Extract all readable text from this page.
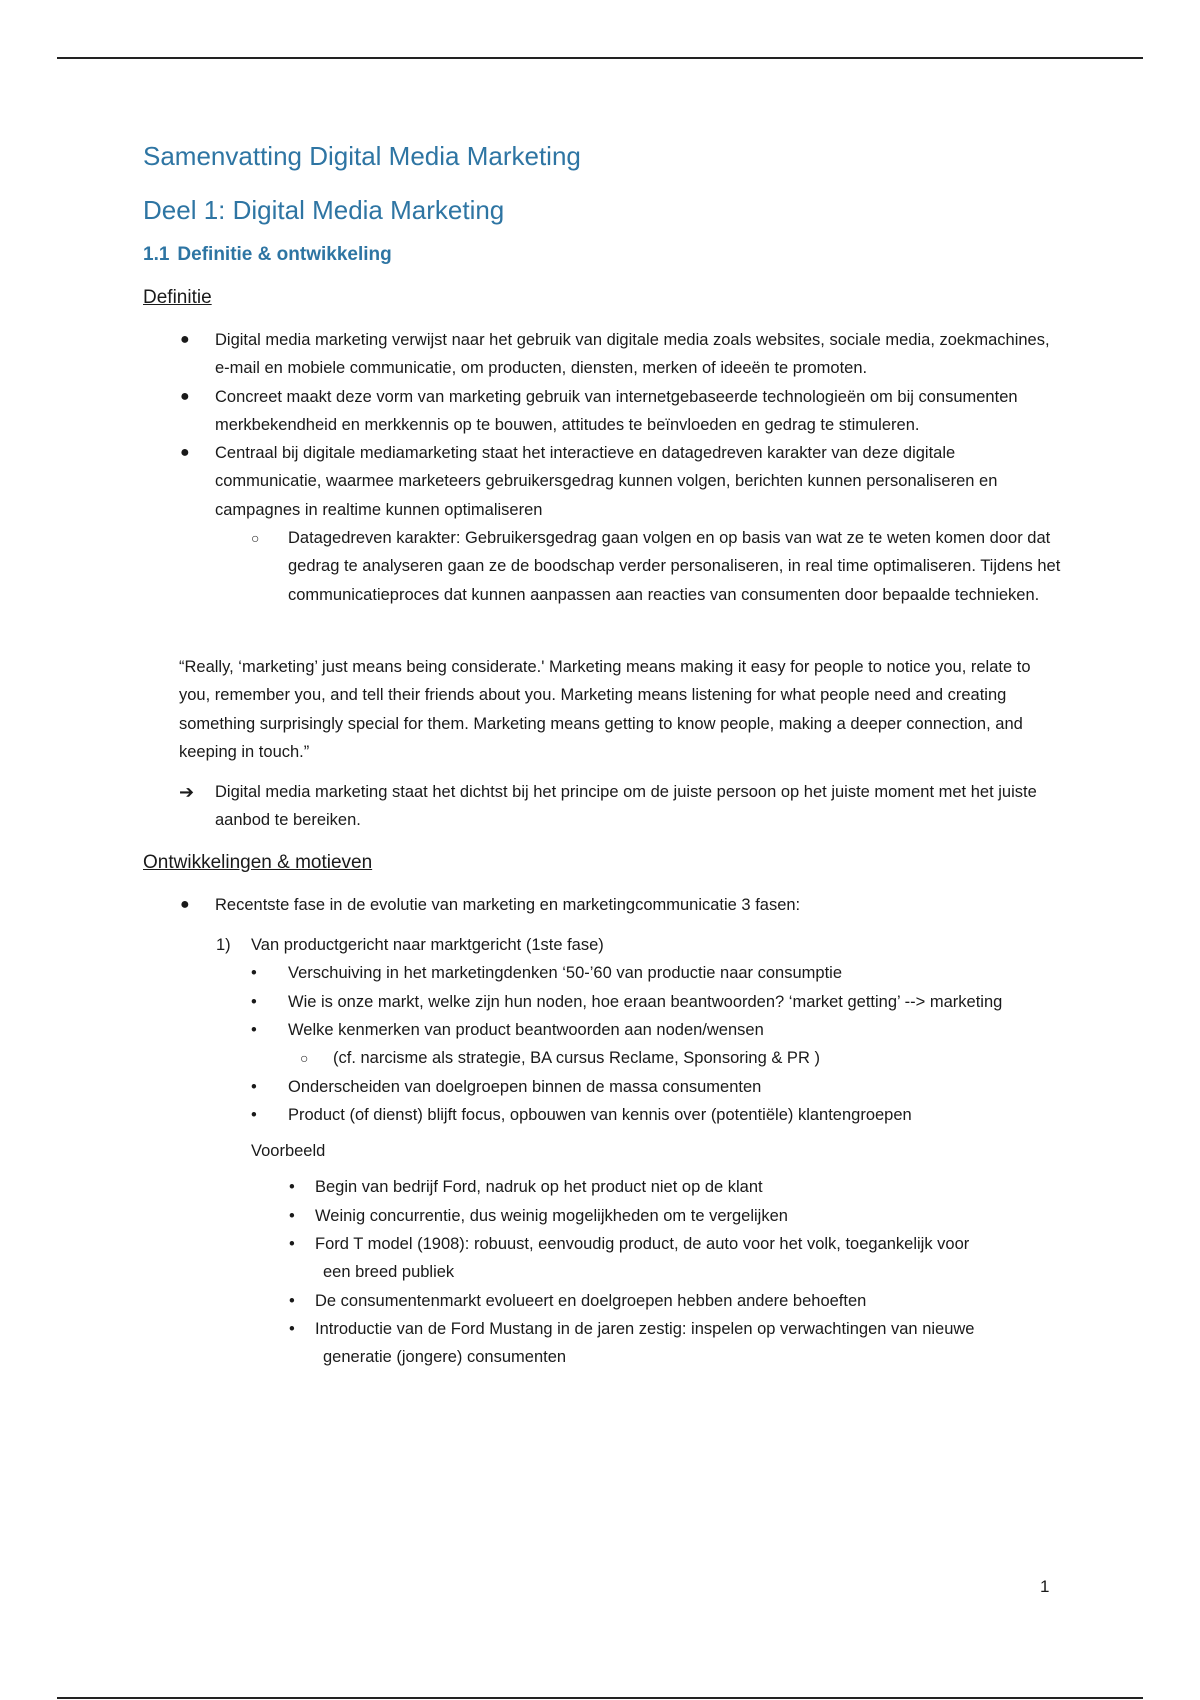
Samenvatting Digital Media Marketing
Deel 1: Digital Media Marketing
1.1 Definitie & ontwikkeling
Definitie
● Digital media marketing verwijst naar het gebruik van digitale media zoals websites, sociale media, zoekmachines, e-mail en mobiele communicatie, om producten, diensten, merken of ideeën te promoten.
● Concreet maakt deze vorm van marketing gebruik van internetgebaseerde technologieën om bij consumenten merkbekendheid en merkkennis op te bouwen, attitudes te beïnvloeden en gedrag te stimuleren.
● Centraal bij digitale mediamarketing staat het interactieve en datagedreven karakter van deze digitale communicatie, waarmee marketeers gebruikersgedrag kunnen volgen, berichten kunnen personaliseren en campagnes in realtime kunnen optimaliseren
○ Datagedreven karakter: Gebruikersgedrag gaan volgen en op basis van wat ze te weten komen door dat gedrag te analyseren gaan ze de boodschap verder personaliseren, in real time optimaliseren. Tijdens het communicatieproces dat kunnen aanpassen aan reacties van consumenten door bepaalde technieken.

“Really, ‘marketing’ just means being considerate.' Marketing means making it easy for people to notice you, relate to you, remember you, and tell their friends about you. Marketing means listening for what people need and creating something surprisingly special for them. Marketing means getting to know people, making a deeper connection, and keeping in touch.”

➔ Digital media marketing staat het dichtst bij het principe om de juiste persoon op het juiste moment met het juiste aanbod te bereiken.
Ontwikkelingen & motieven
● Recentste fase in de evolutie van marketing en marketingcommunicatie 3 fasen:
1) Van productgericht naar marktgericht (1ste fase)
• Verschuiving in het marketingdenken ‘50-’60 van productie naar consumptie
• Wie is onze markt, welke zijn hun noden, hoe eraan beantwoorden? ‘market getting’ --> marketing
• Welke kenmerken van product beantwoorden aan noden/wensen
○ (cf. narcisme als strategie, BA cursus Reclame, Sponsoring & PR )
• Onderscheiden van doelgroepen binnen de massa consumenten
• Product (of dienst) blijft focus, opbouwen van kennis over (potentiële) klantengroepen
Voorbeeld
• Begin van bedrijf Ford, nadruk op het product niet op de klant
• Weinig concurrentie, dus weinig mogelijkheden om te vergelijken
• Ford T model (1908): robuust, eenvoudig product, de auto voor het volk, toegankelijk voor
een breed publiek
• De consumentenmarkt evolueert en doelgroepen hebben andere behoeften
• Introductie van de Ford Mustang in de jaren zestig: inspelen op verwachtingen van nieuwe
generatie (jongere) consumenten
1
